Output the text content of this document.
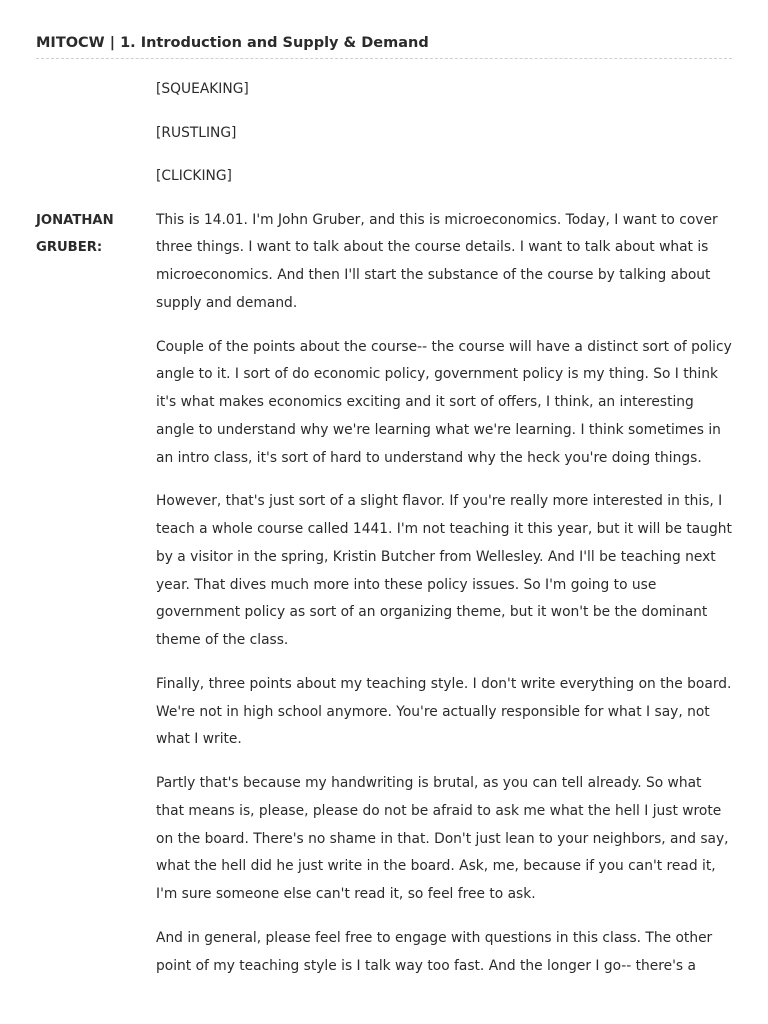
MITOCW | 1. Introduction and Supply & Demand

[SQUEAKING]

[RUSTLING]

[CLICKING]

JONATHAN
GRUBER:

This is 14.01. I'm John Gruber, and this is microeconomics. Today, I want to cover three things. I want to talk about the course details. I want to talk about what is microeconomics. And then I'll start the substance of the course by talking about supply and demand.

Couple of the points about the course-- the course will have a distinct sort of policy angle to it. I sort of do economic policy, government policy is my thing. So I think it's what makes economics exciting and it sort of offers, I think, an interesting angle to understand why we're learning what we're learning. I think sometimes in an intro class, it's sort of hard to understand why the heck you're doing things.

However, that's just sort of a slight flavor. If you're really more interested in this, I teach a whole course called 1441. I'm not teaching it this year, but it will be taught by a visitor in the spring, Kristin Butcher from Wellesley. And I'll be teaching next year. That dives much more into these policy issues. So I'm going to use government policy as sort of an organizing theme, but it won't be the dominant theme of the class.

Finally, three points about my teaching style. I don't write everything on the board. We're not in high school anymore. You're actually responsible for what I say, not what I write.

Partly that's because my handwriting is brutal, as you can tell already. So what that means is, please, please do not be afraid to ask me what the hell I just wrote on the board. There's no shame in that. Don't just lean to your neighbors, and say, what the hell did he just write in the board. Ask, me, because if you can't read it, I'm sure someone else can't read it, so feel free to ask.

And in general, please feel free to engage with questions in this class. The other point of my teaching style is I talk way too fast. And the longer I go-- there's a
